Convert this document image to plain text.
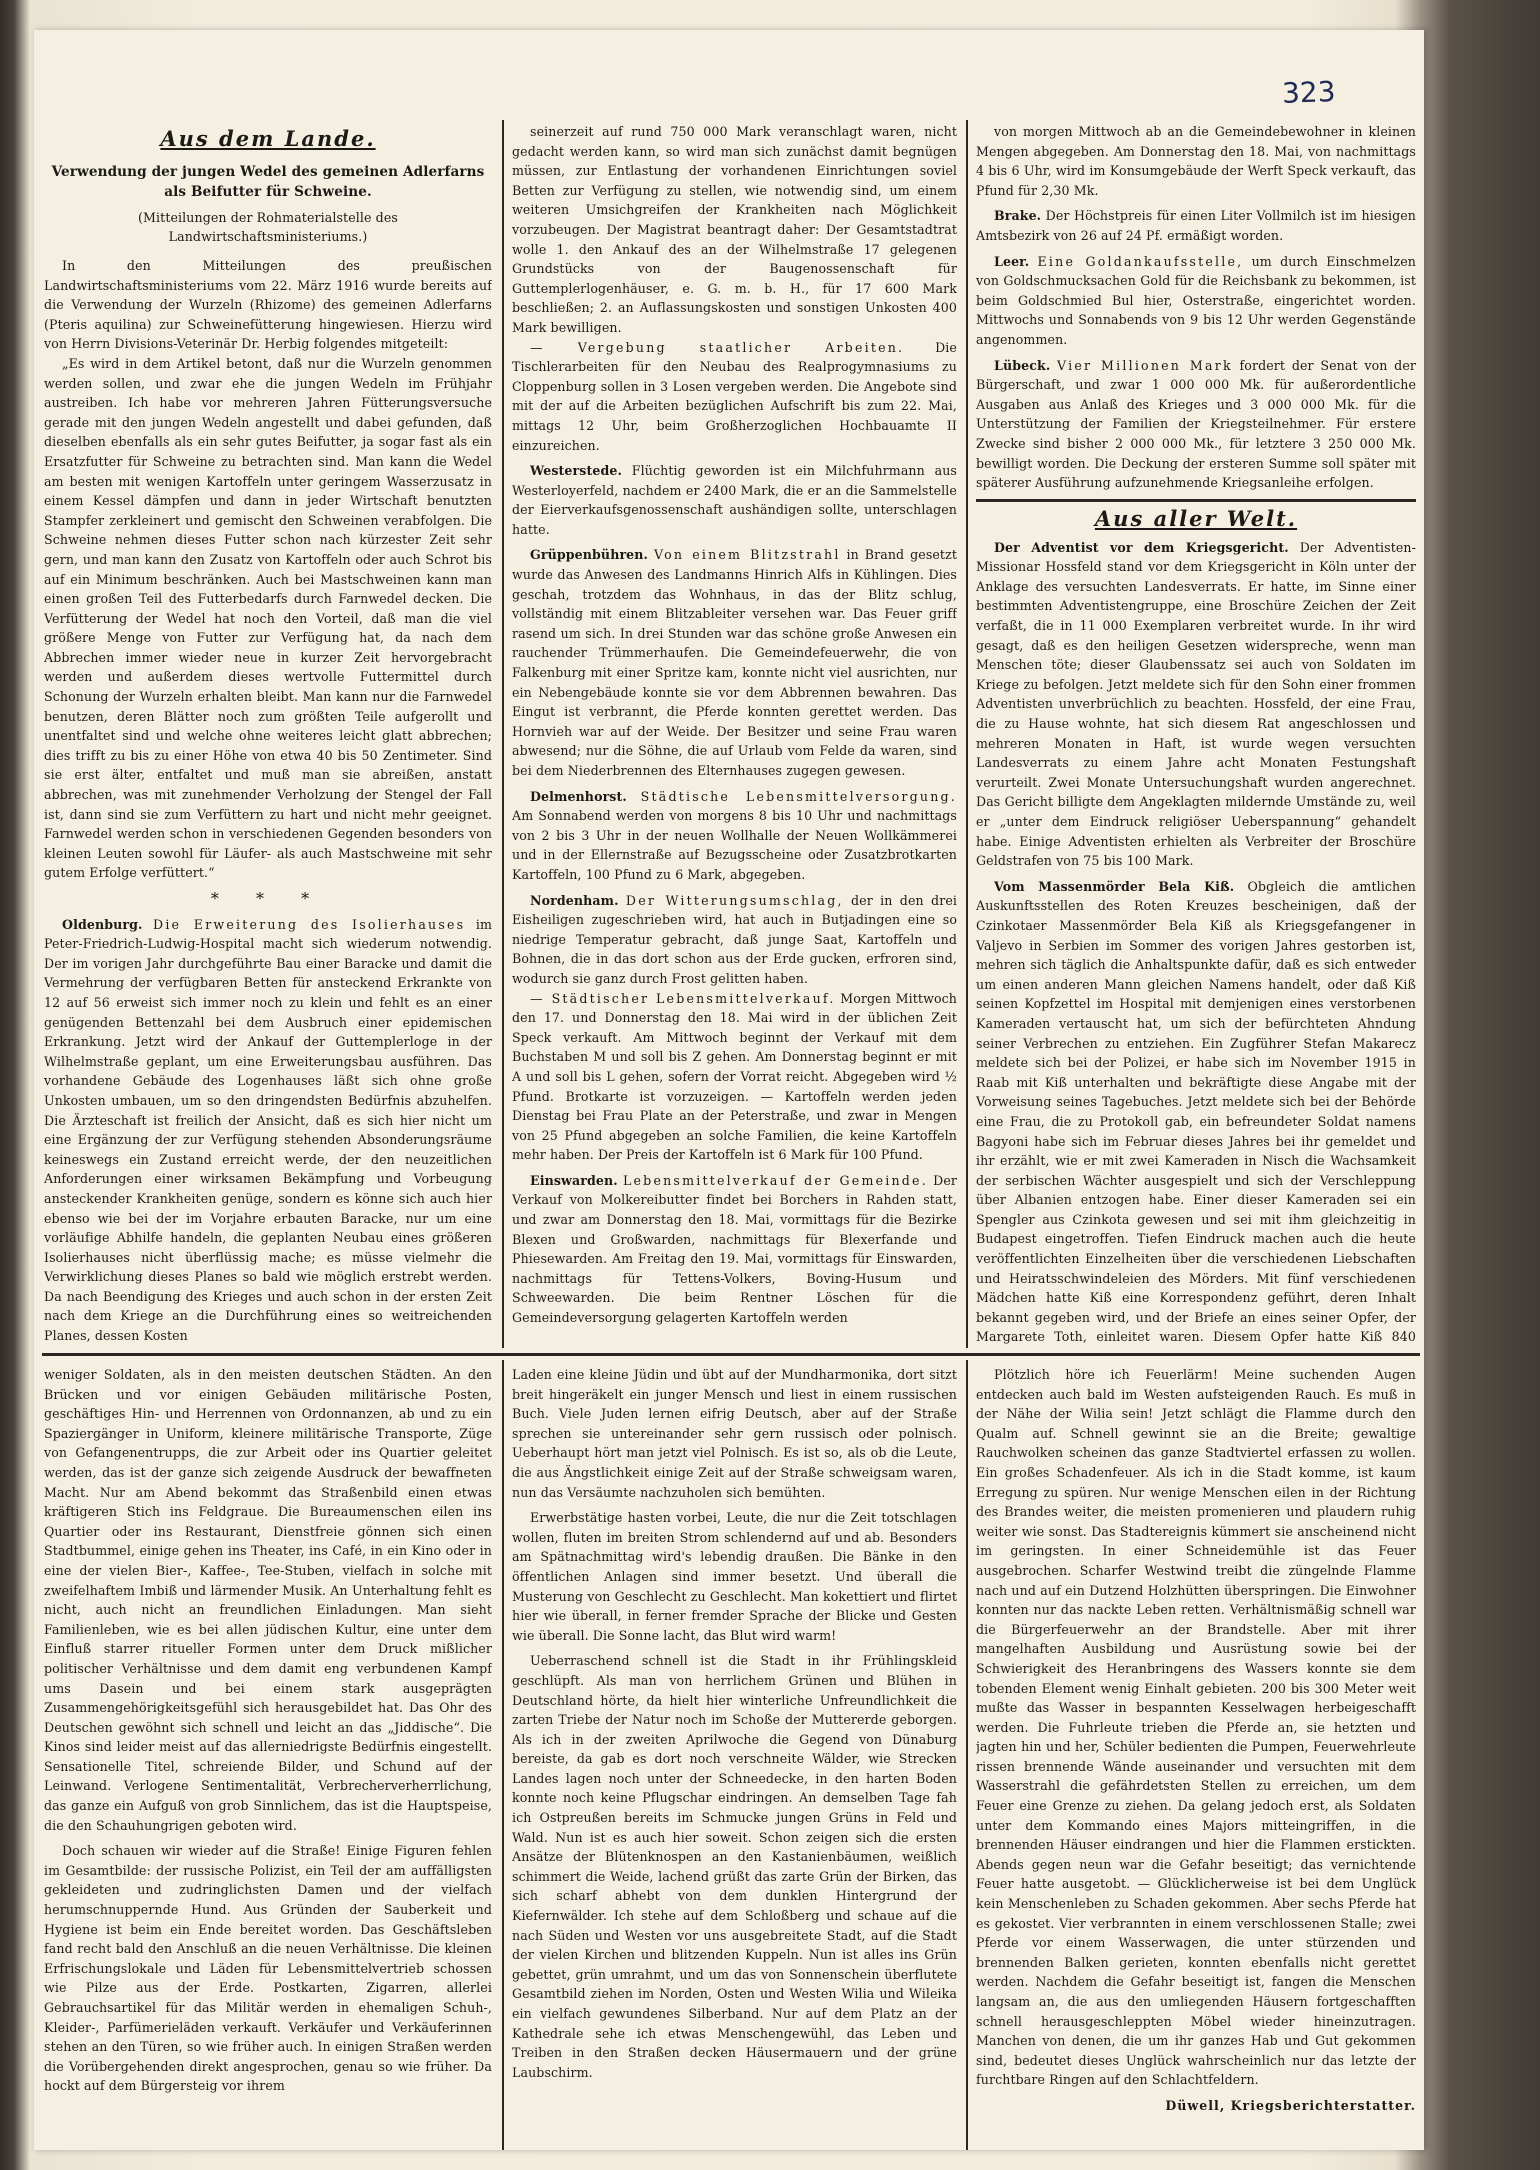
323
Aus dem Lande.
Verwendung der jungen Wedel des gemeinen Adlerfarns als Beifutter für Schweine.
(Mitteilungen der Rohmaterialstelle des Landwirtschaftsministeriums.)

In den Mitteilungen des preußischen Landwirtschaftsministeriums vom 22. März 1916 wurde bereits auf die Verwendung der Wurzeln (Rhizome) des gemeinen Adlerfarns (Pteris aquilina) zur Schweinefütterung hingewiesen. Hierzu wird von Herrn Divisions-Veterinär Dr. Herbig folgendes mitgeteilt:

„Es wird in dem Artikel betont, daß nur die Wurzeln genommen werden sollen, und zwar ehe die jungen Wedeln im Frühjahr austreiben. Ich habe vor mehreren Jahren Fütterungsversuche gerade mit den jungen Wedeln angestellt und dabei gefunden, daß dieselben ebenfalls als ein sehr gutes Beifutter, ja sogar fast als ein Ersatzfutter für Schweine zu betrachten sind. Man kann die Wedel am besten mit wenigen Kartoffeln unter geringem Wasserzusatz in einem Kessel dämpfen und dann in jeder Wirtschaft benutzten Stampfer zerkleinert und gemischt den Schweinen verabfolgen. Die Schweine nehmen dieses Futter schon nach kürzester Zeit sehr gern, und man kann den Zusatz von Kartoffeln oder auch Schrot bis auf ein Minimum beschränken. Auch bei Mastschweinen kann man einen großen Teil des Futterbedarfs durch Farnwedel decken. Die Verfütterung der Wedel hat noch den Vorteil, daß man die viel größere Menge von Futter zur Verfügung hat, da nach dem Abbrechen immer wieder neue in kurzer Zeit hervorgebracht werden und außerdem dieses wertvolle Futtermittel durch Schonung der Wurzeln erhalten bleibt. Man kann nur die Farnwedel benutzen, deren Blätter noch zum größten Teile aufgerollt und unentfaltet sind und welche ohne weiteres leicht glatt abbrechen; dies trifft zu bis zu einer Höhe von etwa 40 bis 50 Zentimeter. Sind sie erst älter, entfaltet und muß man sie abreißen, anstatt abbrechen, was mit zunehmender Verholzung der Stengel der Fall ist, dann sind sie zum Verfüttern zu hart und nicht mehr geeignet. Farnwedel werden schon in verschiedenen Gegenden besonders von kleinen Leuten sowohl für Läufer- als auch Mastschweine mit sehr gutem Erfolge verfüttert.“

* * *

Oldenburg. Die Erweiterung des Isolierhauses im Peter-Friedrich-Ludwig-Hospital macht sich wiederum notwendig. Der im vorigen Jahr durchgeführte Bau einer Baracke und damit die Vermehrung der verfügbaren Betten für ansteckend Erkrankte von 12 auf 56 erweist sich immer noch zu klein und fehlt es an einer genügenden Bettenzahl bei dem Ausbruch einer epidemischen Erkrankung. Jetzt wird der Ankauf der Guttemplerloge in der Wilhelmstraße geplant, um eine Erweiterungsbau ausführen. Das vorhandene Gebäude des Logenhauses läßt sich ohne große Unkosten umbauen, um so den dringendsten Bedürfnis abzuhelfen. Die Ärzteschaft ist freilich der Ansicht, daß es sich hier nicht um eine Ergänzung der zur Verfügung stehenden Absonderungsräume keineswegs ein Zustand erreicht werde, der den neuzeitlichen Anforderungen einer wirksamen Bekämpfung und Vorbeugung ansteckender Krankheiten genüge, sondern es könne sich auch hier ebenso wie bei der im Vorjahre erbauten Baracke, nur um eine vorläufige Abhilfe handeln, die geplanten Neubau eines größeren Isolierhauses nicht überflüssig mache; es müsse vielmehr die Verwirklichung dieses Planes so bald wie möglich erstrebt werden. Da nach Beendigung des Krieges und auch schon in der ersten Zeit nach dem Kriege an die Durchführung eines so weitreichenden Planes, dessen Kosten

seinerzeit auf rund 750 000 Mark veranschlagt waren, nicht gedacht werden kann, so wird man sich zunächst damit begnügen müssen, zur Entlastung der vorhandenen Einrichtungen soviel Betten zur Verfügung zu stellen, wie notwendig sind, um einem weiteren Umsichgreifen der Krankheiten nach Möglichkeit vorzubeugen. Der Magistrat beantragt daher: Der Gesamtstadtrat wolle 1. den Ankauf des an der Wilhelmstraße 17 gelegenen Grundstücks von der Baugenossenschaft für Guttemplerlogenhäuser, e. G. m. b. H., für 17 600 Mark beschließen; 2. an Auflassungskosten und sonstigen Unkosten 400 Mark bewilligen.

— Vergebung staatlicher Arbeiten. Die Tischlerarbeiten für den Neubau des Realprogymnasiums zu Cloppenburg sollen in 3 Losen vergeben werden. Die Angebote sind mit der auf die Arbeiten bezüglichen Aufschrift bis zum 22. Mai, mittags 12 Uhr, beim Großherzoglichen Hochbauamte II einzureichen.

Westerstede. Flüchtig geworden ist ein Milchfuhrmann aus Westerloyerfeld, nachdem er 2400 Mark, die er an die Sammelstelle der Eierverkaufsgenossenschaft aushändigen sollte, unterschlagen hatte.

Grüppenbühren. Von einem Blitzstrahl in Brand gesetzt wurde das Anwesen des Landmanns Hinrich Alfs in Kühlingen. Dies geschah, trotzdem das Wohnhaus, in das der Blitz schlug, vollständig mit einem Blitzableiter versehen war. Das Feuer griff rasend um sich. In drei Stunden war das schöne große Anwesen ein rauchender Trümmerhaufen. Die Gemeindefeuerwehr, die von Falkenburg mit einer Spritze kam, konnte nicht viel ausrichten, nur ein Nebengebäude konnte sie vor dem Abbrennen bewahren. Das Eingut ist verbrannt, die Pferde konnten gerettet werden. Das Hornvieh war auf der Weide. Der Besitzer und seine Frau waren abwesend; nur die Söhne, die auf Urlaub vom Felde da waren, sind bei dem Niederbrennen des Elternhauses zugegen gewesen.

Delmenhorst. Städtische Lebensmittelversorgung. Am Sonnabend werden von morgens 8 bis 10 Uhr und nachmittags von 2 bis 3 Uhr in der neuen Wollhalle der Neuen Wollkämmerei und in der Ellernstraße auf Bezugsscheine oder Zusatzbrotkarten Kartoffeln, 100 Pfund zu 6 Mark, abgegeben.

Nordenham. Der Witterungsumschlag, der in den drei Eisheiligen zugeschrieben wird, hat auch in Butjadingen eine so niedrige Temperatur gebracht, daß junge Saat, Kartoffeln und Bohnen, die in das dort schon aus der Erde gucken, erfroren sind, wodurch sie ganz durch Frost gelitten haben.

— Städtischer Lebensmittelverkauf. Morgen Mittwoch den 17. und Donnerstag den 18. Mai wird in der üblichen Zeit Speck verkauft. Am Mittwoch beginnt der Verkauf mit dem Buchstaben M und soll bis Z gehen. Am Donnerstag beginnt er mit A und soll bis L gehen, sofern der Vorrat reicht. Abgegeben wird ½ Pfund. Brotkarte ist vorzuzeigen. — Kartoffeln werden jeden Dienstag bei Frau Plate an der Peterstraße, und zwar in Mengen von 25 Pfund abgegeben an solche Familien, die keine Kartoffeln mehr haben. Der Preis der Kartoffeln ist 6 Mark für 100 Pfund.

Einswarden. Lebensmittelverkauf der Gemeinde. Der Verkauf von Molkereibutter findet bei Borchers in Rahden statt, und zwar am Donnerstag den 18. Mai, vormittags für die Bezirke Blexen und Großwarden, nachmittags für Blexerfande und Phiesewarden. Am Freitag den 19. Mai, vormittags für Einswarden, nachmittags für Tettens-Volkers, Boving-Husum und Schweewarden. Die beim Rentner Löschen für die Gemeindeversorgung gelagerten Kartoffeln werden

von morgen Mittwoch ab an die Gemeindebewohner in kleinen Mengen abgegeben. Am Donnerstag den 18. Mai, von nachmittags 4 bis 6 Uhr, wird im Konsumgebäude der Werft Speck verkauft, das Pfund für 2,30 Mk.

Brake. Der Höchstpreis für einen Liter Vollmilch ist im hiesigen Amtsbezirk von 26 auf 24 Pf. ermäßigt worden.

Leer. Eine Goldankaufsstelle, um durch Einschmelzen von Goldschmucksachen Gold für die Reichsbank zu bekommen, ist beim Goldschmied Bul hier, Osterstraße, eingerichtet worden. Mittwochs und Sonnabends von 9 bis 12 Uhr werden Gegenstände angenommen.

Lübeck. Vier Millionen Mark fordert der Senat von der Bürgerschaft, und zwar 1 000 000 Mk. für außerordentliche Ausgaben aus Anlaß des Krieges und 3 000 000 Mk. für die Unterstützung der Familien der Kriegsteilnehmer. Für erstere Zwecke sind bisher 2 000 000 Mk., für letztere 3 250 000 Mk. bewilligt worden. Die Deckung der ersteren Summe soll später mit späterer Ausführung aufzunehmende Kriegsanleihe erfolgen.

Aus aller Welt.

Der Adventist vor dem Kriegsgericht. Der Adventisten-Missionar Hossfeld stand vor dem Kriegsgericht in Köln unter der Anklage des versuchten Landesverrats. Er hatte, im Sinne einer bestimmten Adventistengruppe, eine Broschüre Zeichen der Zeit verfaßt, die in 11 000 Exemplaren verbreitet wurde. In ihr wird gesagt, daß es den heiligen Gesetzen widerspreche, wenn man Menschen töte; dieser Glaubenssatz sei auch von Soldaten im Kriege zu befolgen. Jetzt meldete sich für den Sohn einer frommen Adventisten unverbrüchlich zu beachten. Hossfeld, der eine Frau, die zu Hause wohnte, hat sich diesem Rat angeschlossen und mehreren Monaten in Haft, ist wurde wegen versuchten Landesverrats zu einem Jahre acht Monaten Festungshaft verurteilt. Zwei Monate Untersuchungshaft wurden angerechnet. Das Gericht billigte dem Angeklagten mildernde Umstände zu, weil er „unter dem Eindruck religiöser Ueberspannung“ gehandelt habe. Einige Adventisten erhielten als Verbreiter der Broschüre Geldstrafen von 75 bis 100 Mark.

Vom Massenmörder Bela Kiß. Obgleich die amtlichen Auskunftsstellen des Roten Kreuzes bescheinigen, daß der Czinkotaer Massenmörder Bela Kiß als Kriegsgefangener in Valjevo in Serbien im Sommer des vorigen Jahres gestorben ist, mehren sich täglich die Anhaltspunkte dafür, daß es sich entweder um einen anderen Mann gleichen Namens handelt, oder daß Kiß seinen Kopfzettel im Hospital mit demjenigen eines verstorbenen Kameraden vertauscht hat, um sich der befürchteten Ahndung seiner Verbrechen zu entziehen. Ein Zugführer Stefan Makarecz meldete sich bei der Polizei, er habe sich im November 1915 in Raab mit Kiß unterhalten und bekräftigte diese Angabe mit der Vorweisung seines Tagebuches. Jetzt meldete sich bei der Behörde eine Frau, die zu Protokoll gab, ein befreundeter Soldat namens Bagyoni habe sich im Februar dieses Jahres bei ihr gemeldet und ihr erzählt, wie er mit zwei Kameraden in Nisch die Wachsamkeit der serbischen Wächter ausgespielt und sich der Verschleppung über Albanien entzogen habe. Einer dieser Kameraden sei ein Spengler aus Czinkota gewesen und sei mit ihm gleichzeitig in Budapest eingetroffen. Tiefen Eindruck machen auch die heute veröffentlichten Einzelheiten über die verschiedenen Liebschaften und Heiratsschwindeleien des Mörders. Mit fünf verschiedenen Mädchen hatte Kiß eine Korrespondenz geführt, deren Inhalt bekannt gegeben wird, und der Briefe an eines seiner Opfer, der Margarete Toth, einleitet waren. Diesem Opfer hatte Kiß 840

weniger Soldaten, als in den meisten deutschen Städten. An den Brücken und vor einigen Gebäuden militärische Posten, geschäftiges Hin- und Herrennen von Ordonnanzen, ab und zu ein Spaziergänger in Uniform, kleinere militärische Transporte, Züge von Gefangenentrupps, die zur Arbeit oder ins Quartier geleitet werden, das ist der ganze sich zeigende Ausdruck der bewaffneten Macht. Nur am Abend bekommt das Straßenbild einen etwas kräftigeren Stich ins Feldgraue. Die Bureaumenschen eilen ins Quartier oder ins Restaurant, Dienstfreie gönnen sich einen Stadtbummel, einige gehen ins Theater, ins Café, in ein Kino oder in eine der vielen Bier-, Kaffee-, Tee-Stuben, vielfach in solche mit zweifelhaftem Imbiß und lärmender Musik. An Unterhaltung fehlt es nicht, auch nicht an freundlichen Einladungen. Man sieht Familienleben, wie es bei allen jüdischen Kultur, eine unter dem Einfluß starrer ritueller Formen unter dem Druck mißlicher politischer Verhältnisse und dem damit eng verbundenen Kampf ums Dasein und bei einem stark ausgeprägten Zusammengehörigkeitsgefühl sich herausgebildet hat. Das Ohr des Deutschen gewöhnt sich schnell und leicht an das „Jiddische“. Die Kinos sind leider meist auf das allerniedrigste Bedürfnis eingestellt. Sensationelle Titel, schreiende Bilder, und Schund auf der Leinwand. Verlogene Sentimentalität, Verbrecherverherrlichung, das ganze ein Aufguß von grob Sinnlichem, das ist die Hauptspeise, die den Schauhungrigen geboten wird.

Doch schauen wir wieder auf die Straße! Einige Figuren fehlen im Gesamtbilde: der russische Polizist, ein Teil der am auffälligsten gekleideten und zudringlichsten Damen und der vielfach herumschnuppernde Hund. Aus Gründen der Sauberkeit und Hygiene ist beim ein Ende bereitet worden. Das Geschäftsleben fand recht bald den Anschluß an die neuen Verhältnisse. Die kleinen Erfrischungslokale und Läden für Lebensmittelvertrieb schossen wie Pilze aus der Erde. Postkarten, Zigarren, allerlei Gebrauchsartikel für das Militär werden in ehemaligen Schuh-, Kleider-, Parfümerieläden verkauft. Verkäufer und Verkäuferinnen stehen an den Türen, so wie früher auch. In einigen Straßen werden die Vorübergehenden direkt angesprochen, genau so wie früher. Da hockt auf dem Bürgersteig vor ihrem

Laden eine kleine Jüdin und übt auf der Mundharmonika, dort sitzt breit hingeräkelt ein junger Mensch und liest in einem russischen Buch. Viele Juden lernen eifrig Deutsch, aber auf der Straße sprechen sie untereinander sehr gern russisch oder polnisch. Ueberhaupt hört man jetzt viel Polnisch. Es ist so, als ob die Leute, die aus Ängstlichkeit einige Zeit auf der Straße schweigsam waren, nun das Versäumte nachzuholen sich bemühten.

Erwerbstätige hasten vorbei, Leute, die nur die Zeit totschlagen wollen, fluten im breiten Strom schlendernd auf und ab. Besonders am Spätnachmittag wird's lebendig draußen. Die Bänke in den öffentlichen Anlagen sind immer besetzt. Und überall die Musterung von Geschlecht zu Geschlecht. Man kokettiert und flirtet hier wie überall, in ferner fremder Sprache der Blicke und Gesten wie überall. Die Sonne lacht, das Blut wird warm!

Ueberraschend schnell ist die Stadt in ihr Frühlingskleid geschlüpft. Als man von herrlichem Grünen und Blühen in Deutschland hörte, da hielt hier winterliche Unfreundlichkeit die zarten Triebe der Natur noch im Schoße der Muttererde geborgen. Als ich in der zweiten Aprilwoche die Gegend von Dünaburg bereiste, da gab es dort noch verschneite Wälder, wie Strecken Landes lagen noch unter der Schneedecke, in den harten Boden konnte noch keine Pflugschar eindringen. An demselben Tage fah ich Ostpreußen bereits im Schmucke jungen Grüns in Feld und Wald. Nun ist es auch hier soweit. Schon zeigen sich die ersten Ansätze der Blütenknospen an den Kastanienbäumen, weißlich schimmert die Weide, lachend grüßt das zarte Grün der Birken, das sich scharf abhebt von dem dunklen Hintergrund der Kiefernwälder. Ich stehe auf dem Schloßberg und schaue auf die nach Süden und Westen vor uns ausgebreitete Stadt, auf die Stadt der vielen Kirchen und blitzenden Kuppeln. Nun ist alles ins Grün gebettet, grün umrahmt, und um das von Sonnenschein überflutete Gesamtbild ziehen im Norden, Osten und Westen Wilia und Wileika ein vielfach gewundenes Silberband. Nur auf dem Platz an der Kathedrale sehe ich etwas Menschengewühl, das Leben und Treiben in den Straßen decken Häusermauern und der grüne Laubschirm.

Plötzlich höre ich Feuerlärm! Meine suchenden Augen entdecken auch bald im Westen aufsteigenden Rauch. Es muß in der Nähe der Wilia sein! Jetzt schlägt die Flamme durch den Qualm auf. Schnell gewinnt sie an die Breite; gewaltige Rauchwolken scheinen das ganze Stadtviertel erfassen zu wollen. Ein großes Schadenfeuer. Als ich in die Stadt komme, ist kaum Erregung zu spüren. Nur wenige Menschen eilen in der Richtung des Brandes weiter, die meisten promenieren und plaudern ruhig weiter wie sonst. Das Stadtereignis kümmert sie anscheinend nicht im geringsten. In einer Schneidemühle ist das Feuer ausgebrochen. Scharfer Westwind treibt die züngelnde Flamme nach und auf ein Dutzend Holzhütten überspringen. Die Einwohner konnten nur das nackte Leben retten. Verhältnismäßig schnell war die Bürgerfeuerwehr an der Brandstelle. Aber mit ihrer mangelhaften Ausbildung und Ausrüstung sowie bei der Schwierigkeit des Heranbringens des Wassers konnte sie dem tobenden Element wenig Einhalt gebieten. 200 bis 300 Meter weit mußte das Wasser in bespannten Kesselwagen herbeigeschafft werden. Die Fuhrleute trieben die Pferde an, sie hetzten und jagten hin und her, Schüler bedienten die Pumpen, Feuerwehrleute rissen brennende Wände auseinander und versuchten mit dem Wasserstrahl die gefährdetsten Stellen zu erreichen, um dem Feuer eine Grenze zu ziehen. Da gelang jedoch erst, als Soldaten unter dem Kommando eines Majors mitteingriffen, in die brennenden Häuser eindrangen und hier die Flammen erstickten. Abends gegen neun war die Gefahr beseitigt; das vernichtende Feuer hatte ausgetobt. — Glücklicherweise ist bei dem Unglück kein Menschenleben zu Schaden gekommen. Aber sechs Pferde hat es gekostet. Vier verbrannten in einem verschlossenen Stalle; zwei Pferde vor einem Wasserwagen, die unter stürzenden und brennenden Balken gerieten, konnten ebenfalls nicht gerettet werden. Nachdem die Gefahr beseitigt ist, fangen die Menschen langsam an, die aus den umliegenden Häusern fortgeschafften schnell herausgeschleppten Möbel wieder hineinzutragen. Manchen von denen, die um ihr ganzes Hab und Gut gekommen sind, bedeutet dieses Unglück wahrscheinlich nur das letzte der furchtbare Ringen auf den Schlachtfeldern.

Düwell, Kriegsberichterstatter.
